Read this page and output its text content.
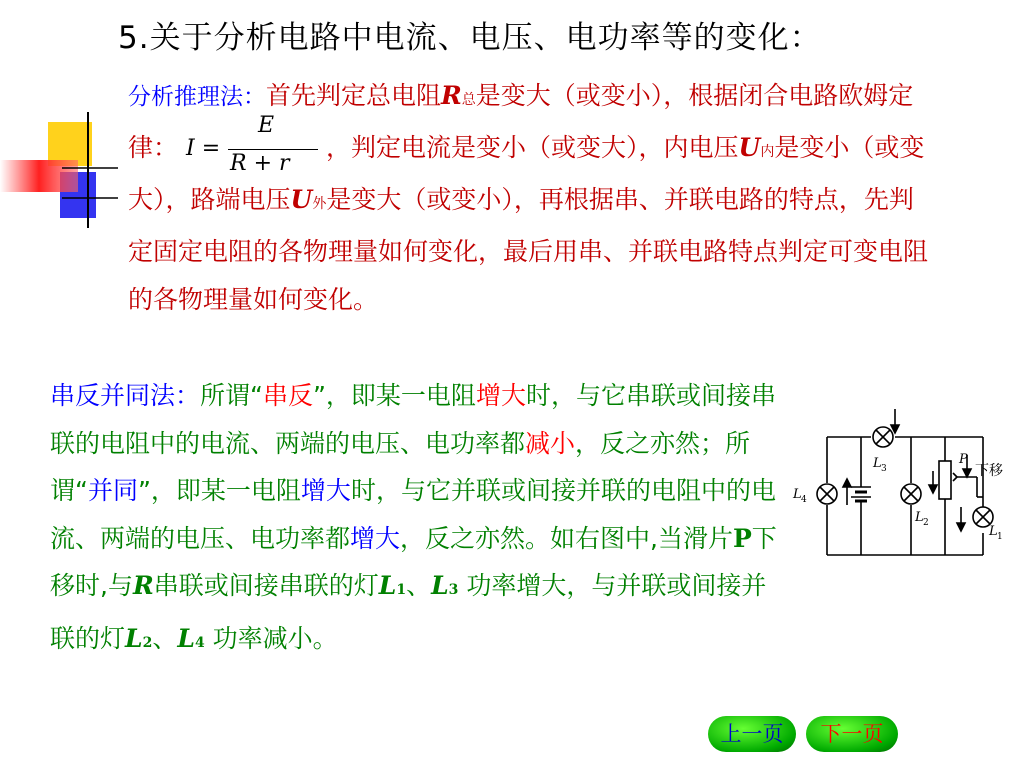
5.关于分析电路中电流、电压、电功率等的变化：
分析推理法：首先判定总电阻R总是变大（或变小），根据闭合电路欧姆定律： I =
E
R + r
，判定电流是变小（或变大），内电压U内是变小（或变大），路端电压U外是变大（或变小），再根据串、并联电路的特点，先判定固定电阻的各物理量如何变化，最后用串、并联电路特点判定可变电阻的各物理量如何变化。
串反并同法：所谓“串反”，即某一电阻增大时，与它串联或间接串联的电阻中的电流、两端的电压、电功率都减小，反之亦然；所谓“并同”，即某一电阻增大时，与它并联或间接并联的电阻中的电流、两端的电压、电功率都增大，反之亦然。如右图中,当滑片P下移时,与R串联或间接串联的灯L1、L3 功率增大，与并联或间接并联的灯L2、L4 功率减小。
L 3
L 4
L 2
L 1
P
下移
上一页	下一页
